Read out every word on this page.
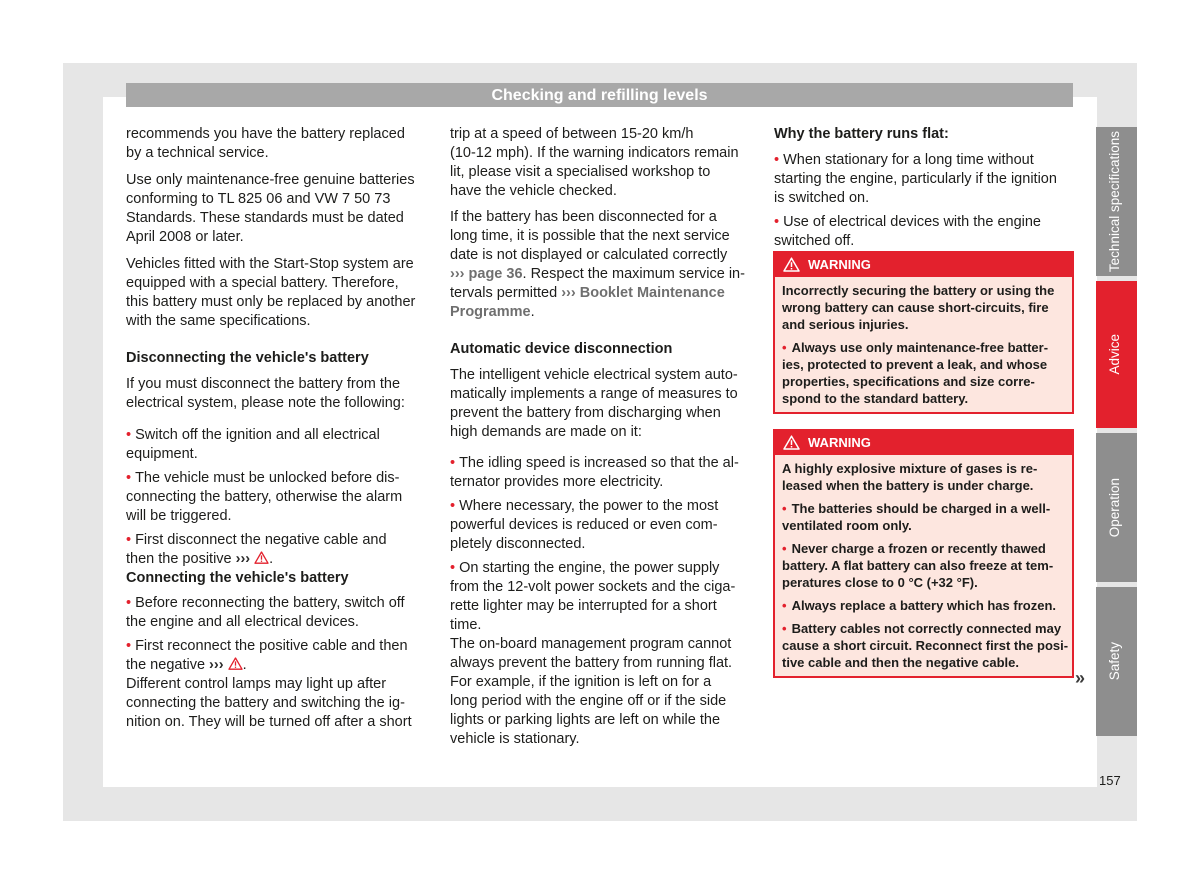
Checking and refilling levels

recommends you have the battery replaced
by a technical service.

Use only maintenance-free genuine batteries
conforming to TL 825 06 and VW 7 50 73
Standards. These standards must be dated
April 2008 or later.

Vehicles fitted with the Start-Stop system are
equipped with a special battery. Therefore,
this battery must only be replaced by another
with the same specifications.

Disconnecting the vehicle's battery

If you must disconnect the battery from the
electrical system, please note the following:

• Switch off the ignition and all electrical
equipment.
• The vehicle must be unlocked before dis-
connecting the battery, otherwise the alarm
will be triggered.
• First disconnect the negative cable and
then the positive ››› .
Connecting the vehicle's battery
• Before reconnecting the battery, switch off
the engine and all electrical devices.
• First reconnect the positive cable and then
the negative ››› .

Different control lamps may light up after
connecting the battery and switching the ig-
nition on. They will be turned off after a short

trip at a speed of between 15-20 km/h
(10-12 mph). If the warning indicators remain
lit, please visit a specialised workshop to
have the vehicle checked.

If the battery has been disconnected for a
long time, it is possible that the next service
date is not displayed or calculated correctly
››› page 36. Respect the maximum service in-
tervals permitted ››› Booklet Maintenance
Programme.

Automatic device disconnection

The intelligent vehicle electrical system auto-
matically implements a range of measures to
prevent the battery from discharging when
high demands are made on it:

• The idling speed is increased so that the al-
ternator provides more electricity.
• Where necessary, the power to the most
powerful devices is reduced or even com-
pletely disconnected.
• On starting the engine, the power supply
from the 12-volt power sockets and the ciga-
rette lighter may be interrupted for a short
time.

The on-board management program cannot
always prevent the battery from running flat.
For example, if the ignition is left on for a
long period with the engine off or if the side
lights or parking lights are left on while the
vehicle is stationary.

Why the battery runs flat:
• When stationary for a long time without
starting the engine, particularly if the ignition
is switched on.
• Use of electrical devices with the engine
switched off.
WARNING

Incorrectly securing the battery or using the
wrong battery can cause short-circuits, fire
and serious injuries.

• Always use only maintenance-free batter-
ies, protected to prevent a leak, and whose
properties, specifications and size corre-
spond to the standard battery.
WARNING

A highly explosive mixture of gases is re-
leased when the battery is under charge.

• The batteries should be charged in a well-
ventilated room only.
• Never charge a frozen or recently thawed
battery. A flat battery can also freeze at tem-
peratures close to 0 °C (+32 °F).
• Always replace a battery which has frozen.
• Battery cables not correctly connected may
cause a short circuit. Reconnect first the posi-
tive cable and then the negative cable.
»
Technical specifications
Advice
Operation
Safety
157
